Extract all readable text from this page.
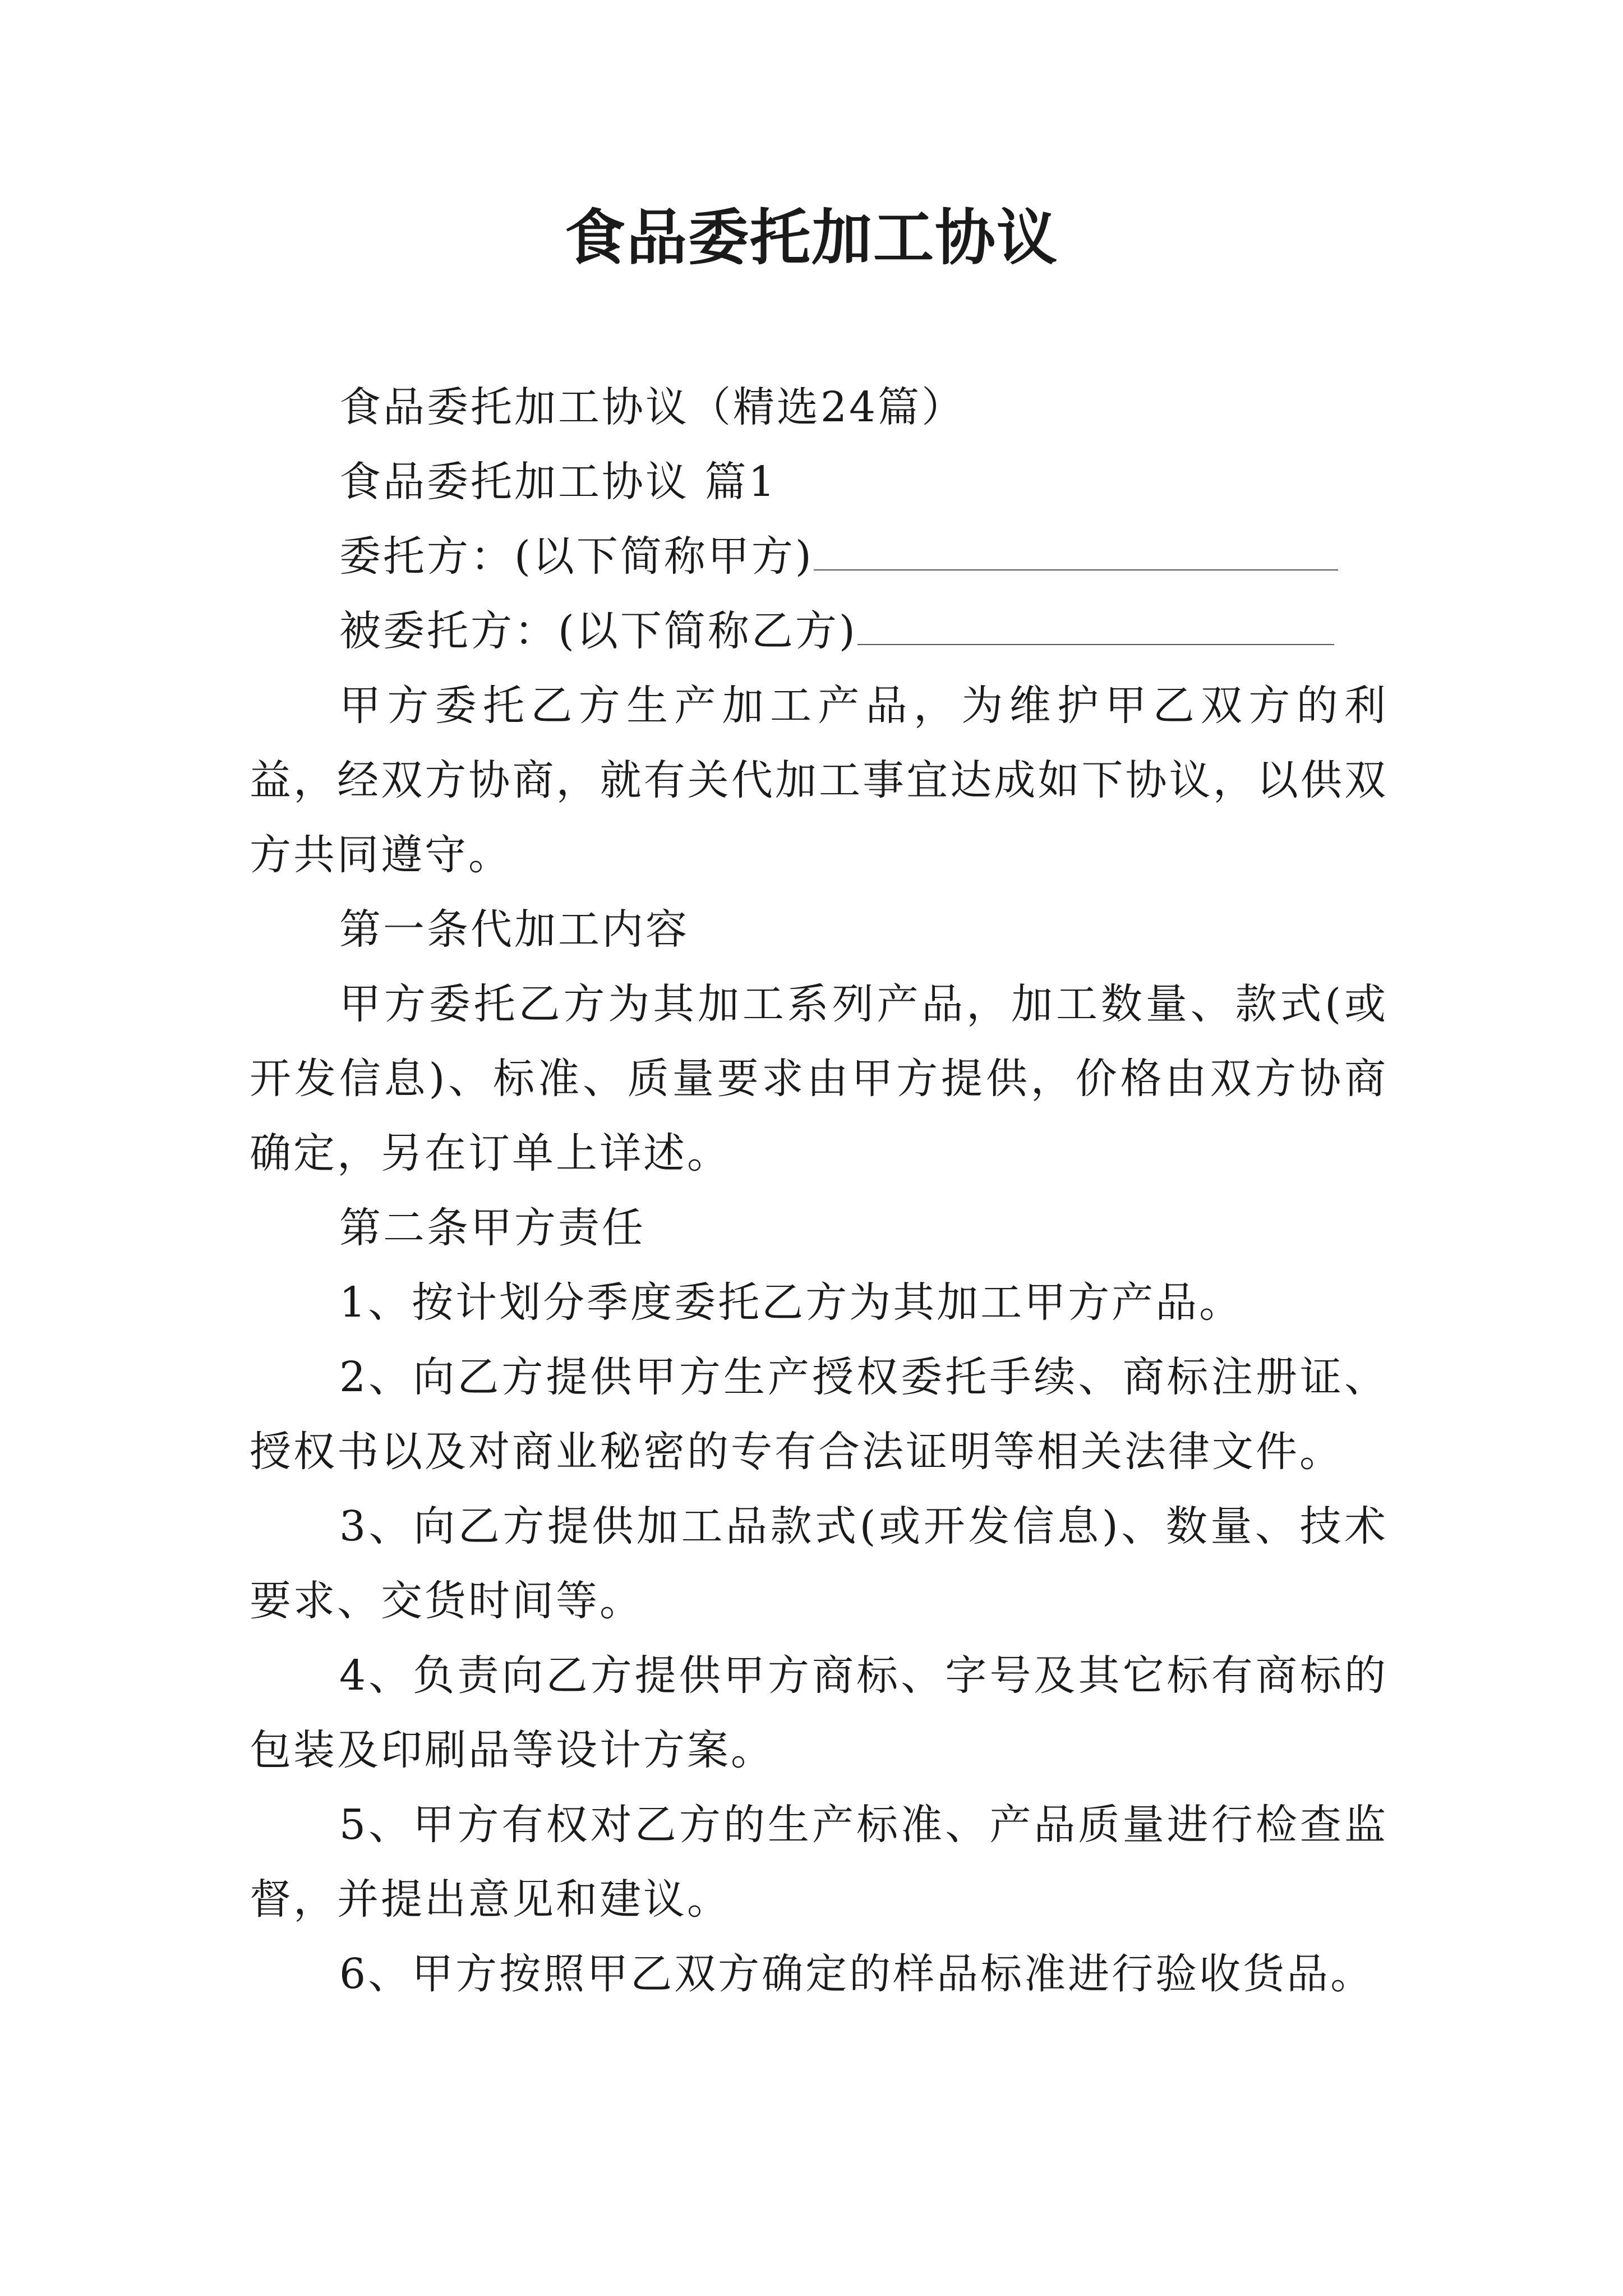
食品委托加工协议

食品委托加工协议（精选24篇）

食品委托加工协议 篇1

委托方：(以下简称甲方)

被委托方：(以下简称乙方)

甲方委托乙方生产加工产品，为维护甲乙双方的利益，经双方协商，就有关代加工事宜达成如下协议，以供双方共同遵守。

第一条代加工内容

甲方委托乙方为其加工系列产品，加工数量、款式(或开发信息)、标准、质量要求由甲方提供，价格由双方协商确定，另在订单上详述。

第二条甲方责任

1、按计划分季度委托乙方为其加工甲方产品。

2、向乙方提供甲方生产授权委托手续、商标注册证、授权书以及对商业秘密的专有合法证明等相关法律文件。

3、向乙方提供加工品款式(或开发信息)、数量、技术要求、交货时间等。

4、负责向乙方提供甲方商标、字号及其它标有商标的包装及印刷品等设计方案。

5、甲方有权对乙方的生产标准、产品质量进行检查监督，并提出意见和建议。

6、甲方按照甲乙双方确定的样品标准进行验收货品。
